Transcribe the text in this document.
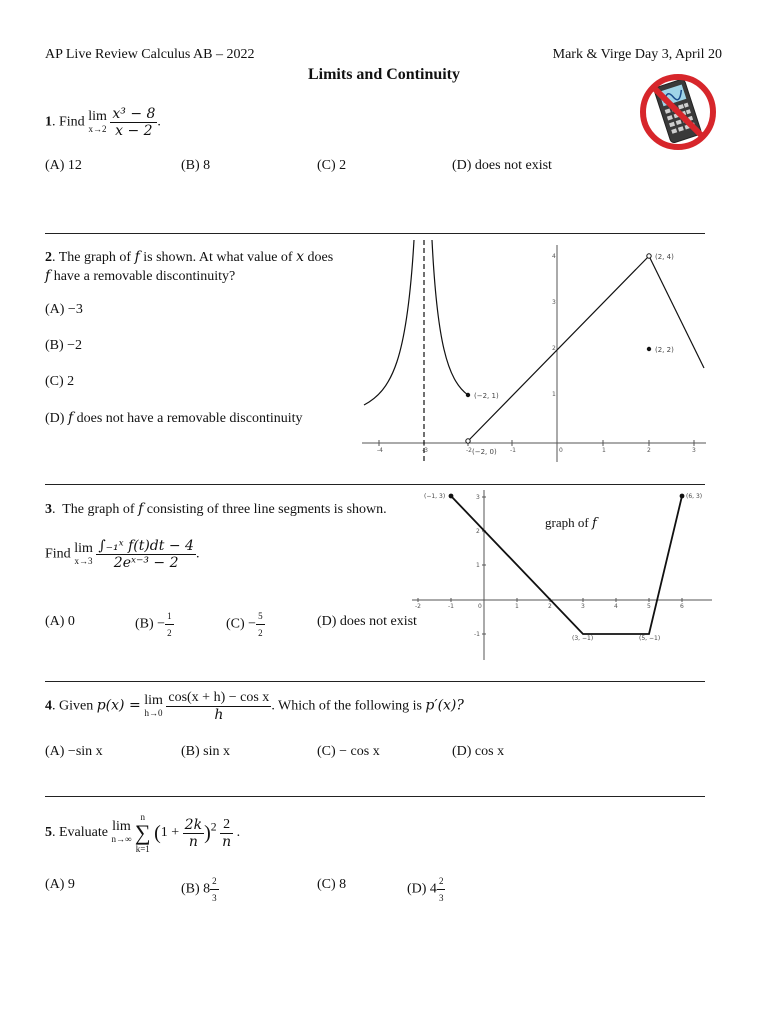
AP Live Review Calculus AB – 2022	Mark & Virge Day 3, April 20
Limits and Continuity
1. Find lim
x→2
$\frac{\text{x³ − 8}}{x - 2}$ .
(A) 12	(B) 8	(C) 2	(D) does not exist
2. The graph of f is shown. At what value of x does
f have a removable discontinuity?
(A) −3
(B) −2
(C) 2
(D) f does not have a removable discontinuity
-4	-3	-2	-1	0	1	2	3
4
3
2
1
(2, 4)
(2, 2)
(−2, 1)
(−2, 0)
3.  The graph of f consisting of three line segments is shown.
Find lim
x→3
$\frac{\text{∫₋₁ˣ f(t)dt − 4}}{\text{2eˣ⁻³ − 2}}$ .
(A) 0	$(B) - \frac{1}{2}$	$(C) - \frac{5}{2}$	(D) does not exist
-2	-1	0	1	2	3	4	5	6
3
2
1
-1
(−1, 3)	(6, 3)
(3, −1)	(5, −1)
graph of f
4. Given p(x) = lim
h→0
$\frac{\text{cos(x + h) − cos x}}{h}$ . Which of the following is p′(x)?
(A) −sin x	(B) sin x	(C) − cos x	(D) cos x
5. Evaluate lim
n→∞

n
∑
k=1
$(1 + \frac{2k}{n} )^2 \frac{2}{n}$ .
(A) 9	(B) $8 \frac{2}{3}$	(C) 8	(D) $4 \frac{2}{3}$
